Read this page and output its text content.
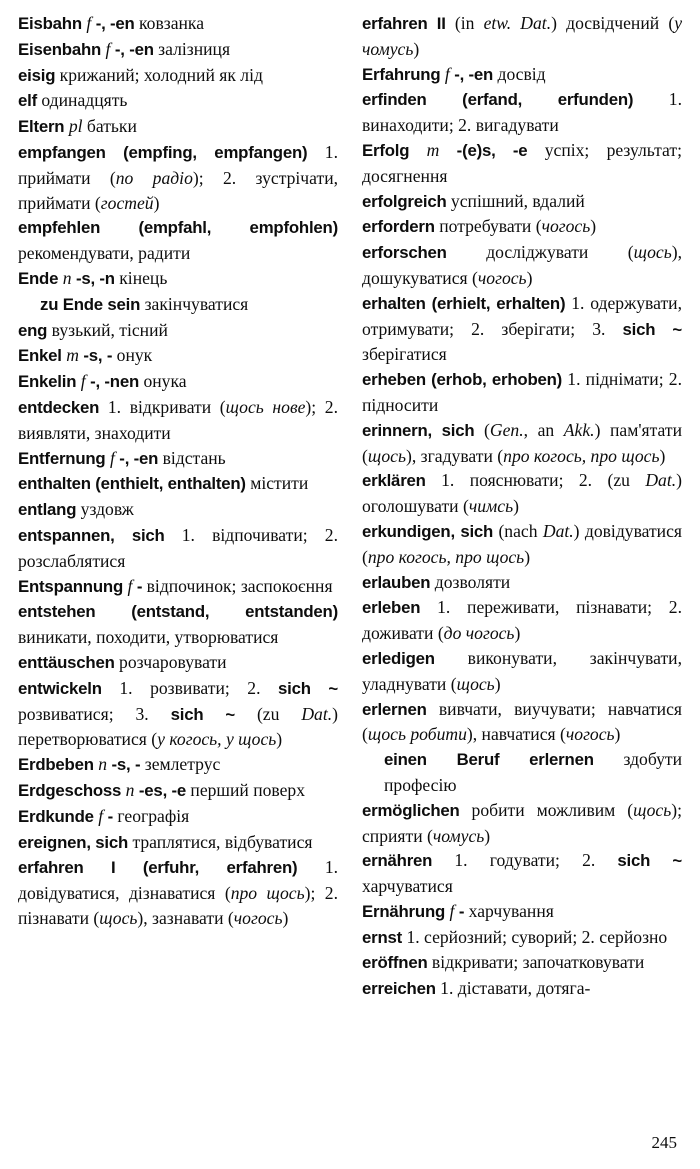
Eisbahn f -, -en ковзанка

Eisenbahn f -, -en залізниця

eisig крижаний; холодний як лід

elf одинадцять

Eltern pl батьки

empfangen (empfing, empfangen) 1. приймати (по радіо); 2. зустрічати, приймати (гостей)

empfehlen (empfahl, empfohlen) рекомендувати, радити

Ende n -s, -n кінець

zu Ende sein закінчуватися

eng вузький, тісний

Enkel m -s, - онук

Enkelin f -, -nen онука

entdecken 1. відкривати (щось нове); 2. виявляти, знаходити

Entfernung f -, -en відстань

enthalten (enthielt, enthalten) містити

entlang уздовж

entspannen, sich 1. відпочивати; 2. розслаблятися

Entspannung f - відпочинок; заспокоєння

entstehen (entstand, entstanden) виникати, походити, утворюватися

enttäuschen розчаровувати

entwickeln 1. розвивати; 2. sich ~ розвиватися; 3. sich ~ (zu Dat.) перетворюватися (у когось, у щось)

Erdbeben n -s, - землетрус

Erdgeschoss n -es, -e перший поверх

Erdkunde f - географія

ereignen, sich траплятися, відбуватися

erfahren I (erfuhr, erfahren) 1. довідуватися, дізнаватися (про щось); 2. пізнавати (щось), зазнавати (чогось)

erfahren II (in etw. Dat.) досвідчений (у чомусь)

Erfahrung f -, -en досвід

erfinden (erfand, erfunden) 1. винаходити; 2. вигадувати

Erfolg m -(e)s, -e успіх; результат; досягнення

erfolgreich успішний, вдалий

erfordern потребувати (чогось)

erforschen досліджувати (щось), дошукуватися (чогось)

erhalten (erhielt, erhalten) 1. одержувати, отримувати; 2. зберігати; 3. sich ~ зберігатися

erheben (erhob, erhoben) 1. піднімати; 2. підносити

erinnern, sich (Gen., an Akk.) пам'ятати (щось), згадувати (про когось, про щось)

erklären 1. пояснювати; 2. (zu Dat.) оголошувати (чимсь)

erkundigen, sich (nach Dat.) довідуватися (про когось, про щось)

erlauben дозволяти

erleben 1. переживати, пізнавати; 2. доживати (до чогось)

erledigen виконувати, закінчувати, уладнувати (щось)

erlernen вивчати, виучувати; навчатися (щось робити), навчатися (чогось)

einen Beruf erlernen здобути професію

ermöglichen робити можливим (щось); сприяти (чомусь)

ernähren 1. годувати; 2. sich ~ харчуватися

Ernährung f - харчування

ernst 1. серйозний; суворий; 2. серйозно

eröffnen відкривати; започатковувати

erreichen 1. діставати, дотяга-

245
